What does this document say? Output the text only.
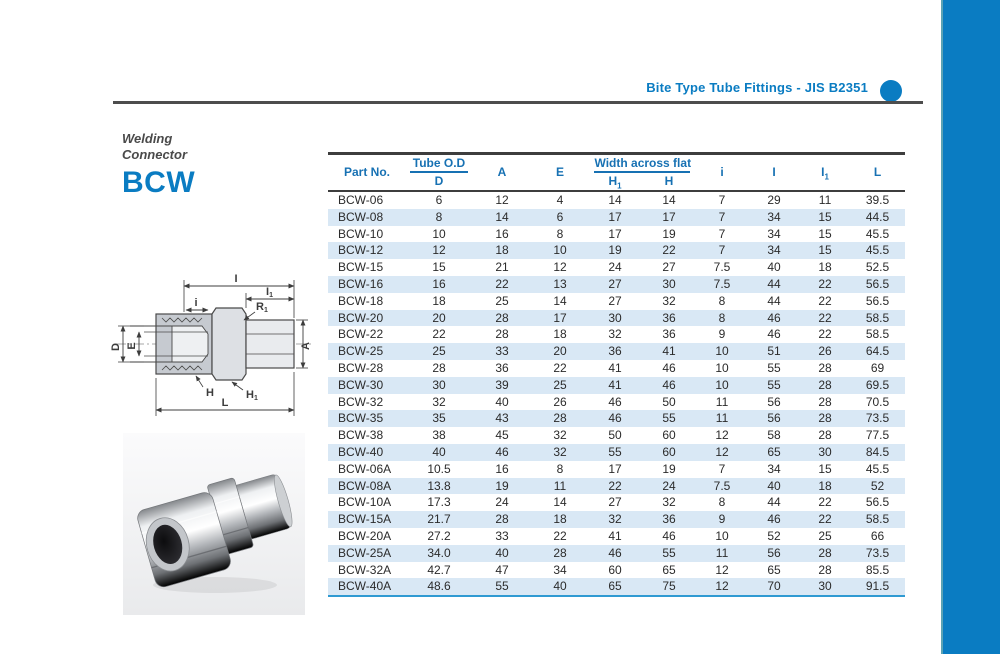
Bite Type Tube Fittings - JIS B2351

Welding

Connector

BCW
I
I1
i	R1
D E	A
H	H1
L
Part No.	Tube O.D	A	E	Width across flat		i	I	$I_1$	L
	D			$H_1$	H				
BCW-06	6	12	4	14	14	7	29	11	39.5
BCW-08	8	14	6	17	17	7	34	15	44.5
BCW-10	10	16	8	17	19	7	34	15	45.5
BCW-12	12	18	10	19	22	7	34	15	45.5
BCW-15	15	21	12	24	27	7.5	40	18	52.5
BCW-16	16	22	13	27	30	7.5	44	22	56.5
BCW-18	18	25	14	27	32	8	44	22	56.5
BCW-20	20	28	17	30	36	8	46	22	58.5
BCW-22	22	28	18	32	36	9	46	22	58.5
BCW-25	25	33	20	36	41	10	51	26	64.5
BCW-28	28	36	22	41	46	10	55	28	69
BCW-30	30	39	25	41	46	10	55	28	69.5
BCW-32	32	40	26	46	50	11	56	28	70.5
BCW-35	35	43	28	46	55	11	56	28	73.5
BCW-38	38	45	32	50	60	12	58	28	77.5
BCW-40	40	46	32	55	60	12	65	30	84.5
BCW-06A	10.5	16	8	17	19	7	34	15	45.5
BCW-08A	13.8	19	11	22	24	7.5	40	18	52
BCW-10A	17.3	24	14	27	32	8	44	22	56.5
BCW-15A	21.7	28	18	32	36	9	46	22	58.5
BCW-20A	27.2	33	22	41	46	10	52	25	66
BCW-25A	34.0	40	28	46	55	11	56	28	73.5
BCW-32A	42.7	47	34	60	65	12	65	28	85.5
BCW-40A	48.6	55	40	65	75	12	70	30	91.5
